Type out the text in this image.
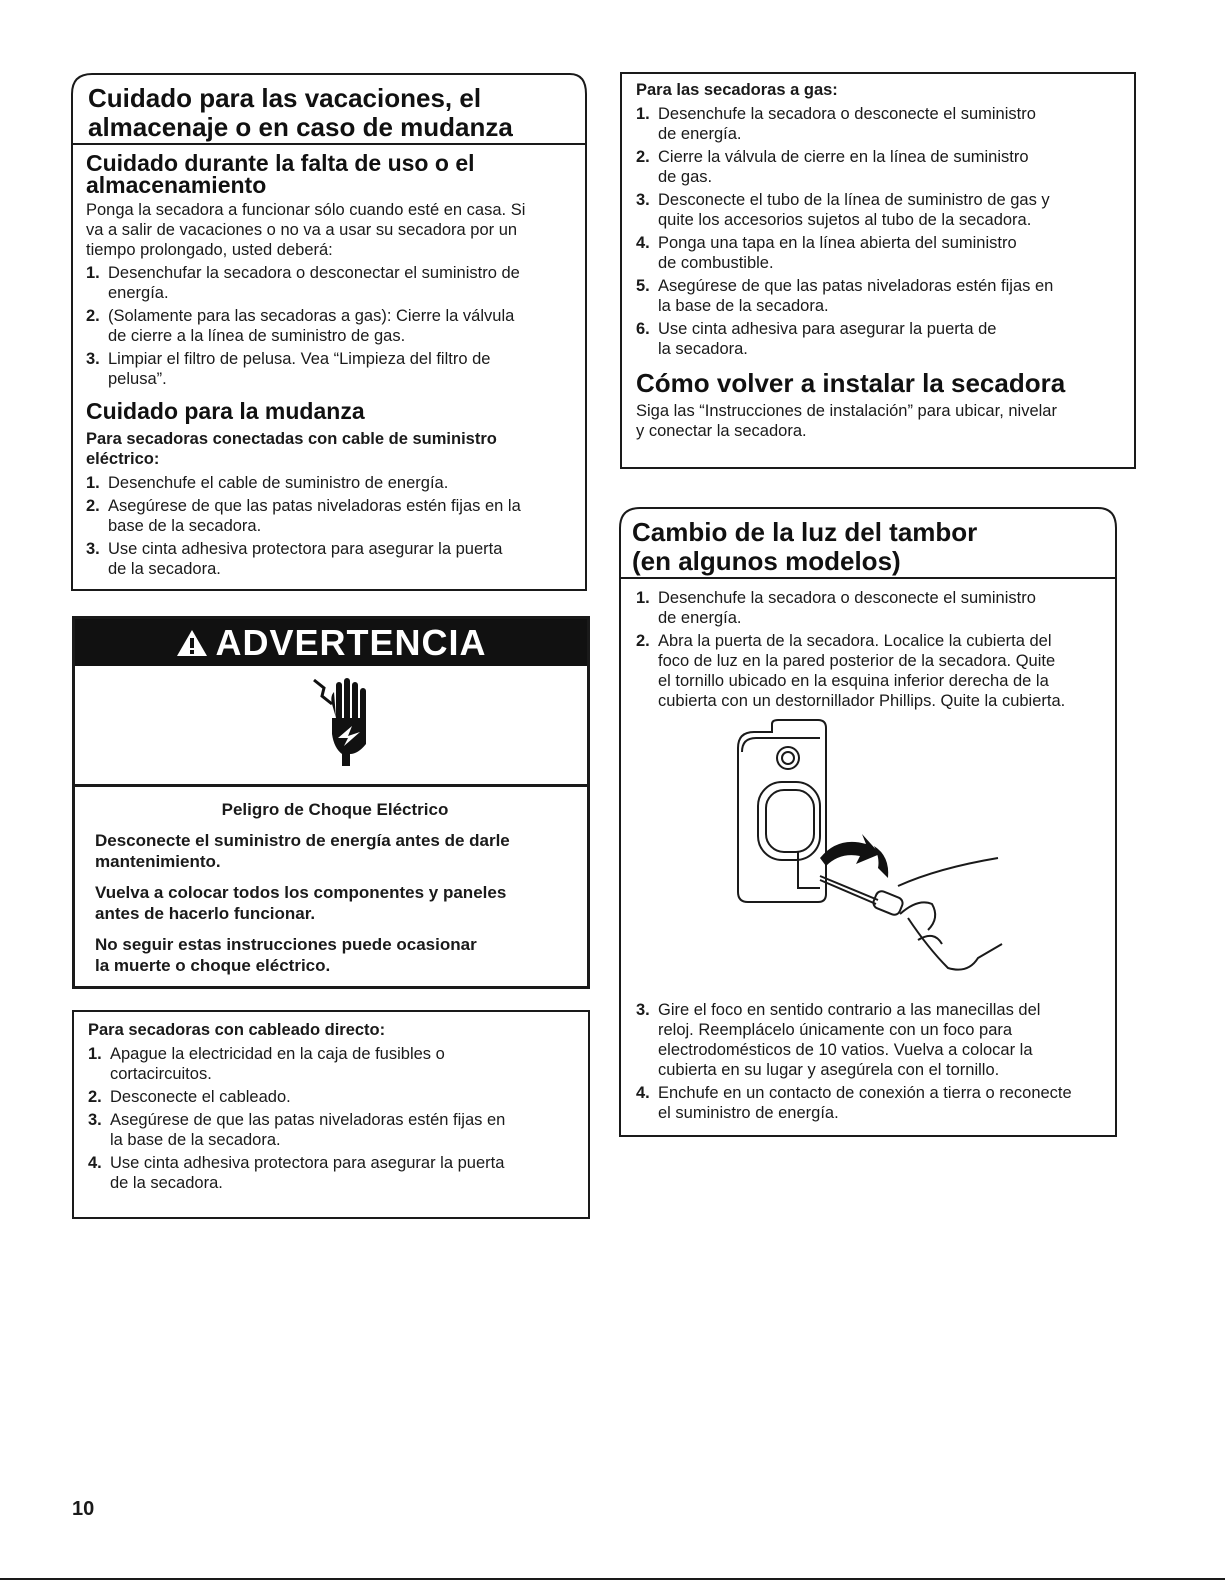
Cuidado para las vacaciones, el

almacenaje o en caso de mudanza

Cuidado durante la falta de uso o el

almacenamiento

Ponga la secadora a funcionar sólo cuando esté en casa. Si

va a salir de vacaciones o no va a usar su secadora por un

tiempo prolongado, usted deberá:

1. Desenchufar la secadora o desconectar el suministro de
energía.
2. (Solamente para las secadoras a gas): Cierre la válvula
de cierre a la línea de suministro de gas.
3. Limpiar el filtro de pelusa. Vea “Limpieza del filtro de
pelusa”.

Cuidado para la mudanza

Para secadoras conectadas con cable de suministro

eléctrico:

1. Desenchufe el cable de suministro de energía.
2. Asegúrese de que las patas niveladoras estén fijas en la
base de la secadora.
3. Use cinta adhesiva protectora para asegurar la puerta
de la secadora.
ADVERTENCIA

Peligro de Choque Eléctrico

Desconecte el suministro de energía antes de darle

mantenimiento.

Vuelva a colocar todos los componentes y paneles

antes de hacerlo funcionar.

No seguir estas instrucciones puede ocasionar

la muerte o choque eléctrico.

Para secadoras con cableado directo:

1. Apague la electricidad en la caja de fusibles o
cortacircuitos.
2. Desconecte el cableado.
3. Asegúrese de que las patas niveladoras estén fijas en
la base de la secadora.
4. Use cinta adhesiva protectora para asegurar la puerta
de la secadora.

Para las secadoras a gas:

1. Desenchufe la secadora o desconecte el suministro
de energía.
2. Cierre la válvula de cierre en la línea de suministro
de gas.
3. Desconecte el tubo de la línea de suministro de gas y
quite los accesorios sujetos al tubo de la secadora.
4. Ponga una tapa en la línea abierta del suministro
de combustible.
5. Asegúrese de que las patas niveladoras estén fijas en
la base de la secadora.
6. Use cinta adhesiva para asegurar la puerta de
la secadora.

Cómo volver a instalar la secadora

Siga las “Instrucciones de instalación” para ubicar, nivelar

y conectar la secadora.

Cambio de la luz del tambor

(en algunos modelos)

1. Desenchufe la secadora o desconecte el suministro
de energía.
2. Abra la puerta de la secadora. Localice la cubierta del
foco de luz en la pared posterior de la secadora. Quite
el tornillo ubicado en la esquina inferior derecha de la
cubierta con un destornillador Phillips. Quite la cubierta.
3. Gire el foco en sentido contrario a las manecillas del
reloj. Reemplácelo únicamente con un foco para
electrodomésticos de 10 vatios. Vuelva a colocar la
cubierta en su lugar y asegúrela con el tornillo.
4. Enchufe en un contacto de conexión a tierra o reconecte
el suministro de energía.
10
